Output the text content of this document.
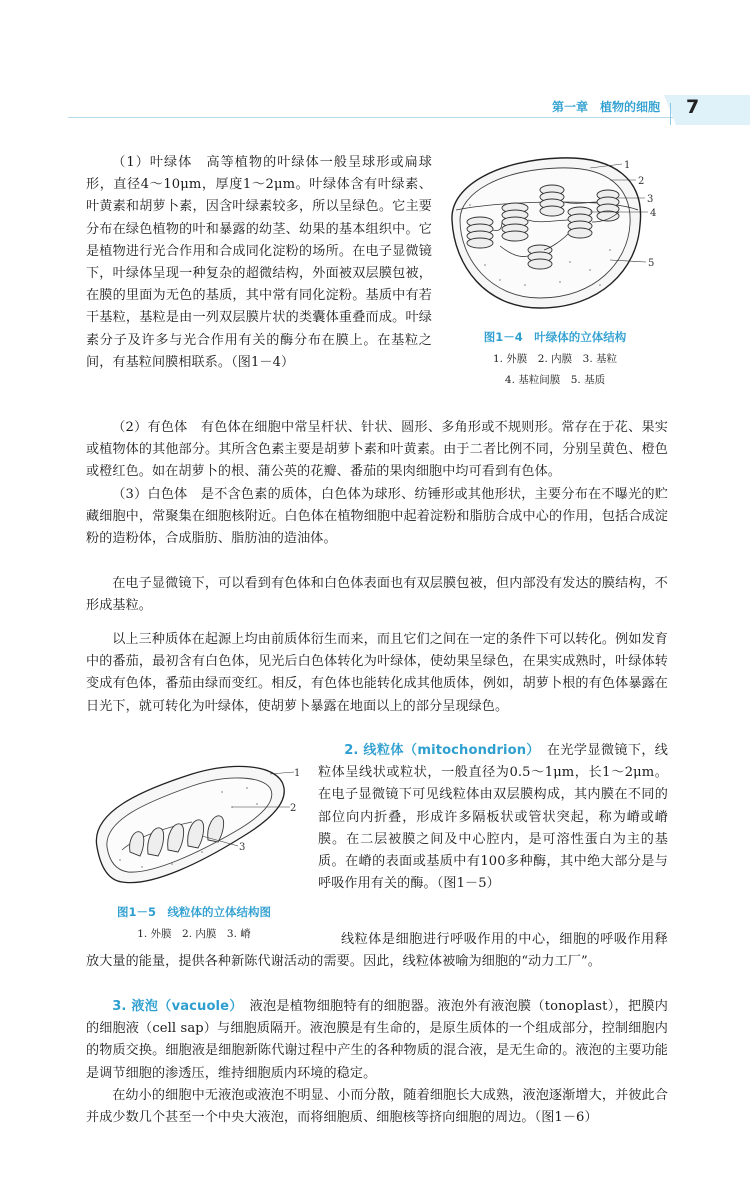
第一章　植物的细胞 7

（1）叶绿体　高等植物的叶绿体一般呈球形或扁球形，直径4～10μm，厚度1～2μm。叶绿体含有叶绿素、叶黄素和胡萝卜素，因含叶绿素较多，所以呈绿色。它主要分布在绿色植物的叶和暴露的幼茎、幼果的基本组织中。它是植物进行光合作用和合成同化淀粉的场所。在电子显微镜下，叶绿体呈现一种复杂的超微结构，外面被双层膜包被，在膜的里面为无色的基质，其中常有同化淀粉。基质中有若干基粒，基粒是由一列双层膜片状的类囊体重叠而成。叶绿素分子及许多与光合作用有关的酶分布在膜上。在基粒之间，有基粒间膜相联系。（图1－4）

1
2
3
4
5
图1－4　叶绿体的立体结构
1. 外膜　2. 内膜　3. 基粒
4. 基粒间膜　5. 基质

（2）有色体　有色体在细胞中常呈杆状、针状、圆形、多角形或不规则形。常存在于花、果实或植物体的其他部分。其所含色素主要是胡萝卜素和叶黄素。由于二者比例不同，分别呈黄色、橙色或橙红色。如在胡萝卜的根、蒲公英的花瓣、番茄的果肉细胞中均可看到有色体。

（3）白色体　是不含色素的质体，白色体为球形、纺锤形或其他形状，主要分布在不曝光的贮藏细胞中，常聚集在细胞核附近。白色体在植物细胞中起着淀粉和脂肪合成中心的作用，包括合成淀粉的造粉体，合成脂肪、脂肪油的造油体。

在电子显微镜下，可以看到有色体和白色体表面也有双层膜包被，但内部没有发达的膜结构，不形成基粒。

以上三种质体在起源上均由前质体衍生而来，而且它们之间在一定的条件下可以转化。例如发育中的番茄，最初含有白色体，见光后白色体转化为叶绿体，使幼果呈绿色，在果实成熟时，叶绿体转变成有色体，番茄由绿而变红。相反，有色体也能转化成其他质体，例如，胡萝卜根的有色体暴露在日光下，就可转化为叶绿体，使胡萝卜暴露在地面以上的部分呈现绿色。

1
2
3
图1－5　线粒体的立体结构图
1. 外膜　2. 内膜　3. 嵴

2. 线粒体（mitochondrion）　在光学显微镜下，线粒体呈线状或粒状，一般直径为0.5～1μm，长1～2μm。在电子显微镜下可见线粒体由双层膜构成，其内膜在不同的部位向内折叠，形成许多隔板状或管状突起，称为嵴或嵴膜。在二层被膜之间及中心腔内，是可溶性蛋白为主的基质。在嵴的表面或基质中有100多种酶，其中绝大部分是与呼吸作用有关的酶。（图1－5）

线粒体是细胞进行呼吸作用的中心，细胞的呼吸作用释放大量的能量，提供各种新陈代谢活动的需要。因此，线粒体被喻为细胞的“动力工厂”。

3. 液泡（vacuole）　液泡是植物细胞特有的细胞器。液泡外有液泡膜（tonoplast），把膜内的细胞液（cell sap）与细胞质隔开。液泡膜是有生命的，是原生质体的一个组成部分，控制细胞内的物质交换。细胞液是细胞新陈代谢过程中产生的各种物质的混合液，是无生命的。液泡的主要功能是调节细胞的渗透压，维持细胞质内环境的稳定。

在幼小的细胞中无液泡或液泡不明显、小而分散，随着细胞长大成熟，液泡逐渐增大，并彼此合并成少数几个甚至一个中央大液泡，而将细胞质、细胞核等挤向细胞的周边。（图1－6）
